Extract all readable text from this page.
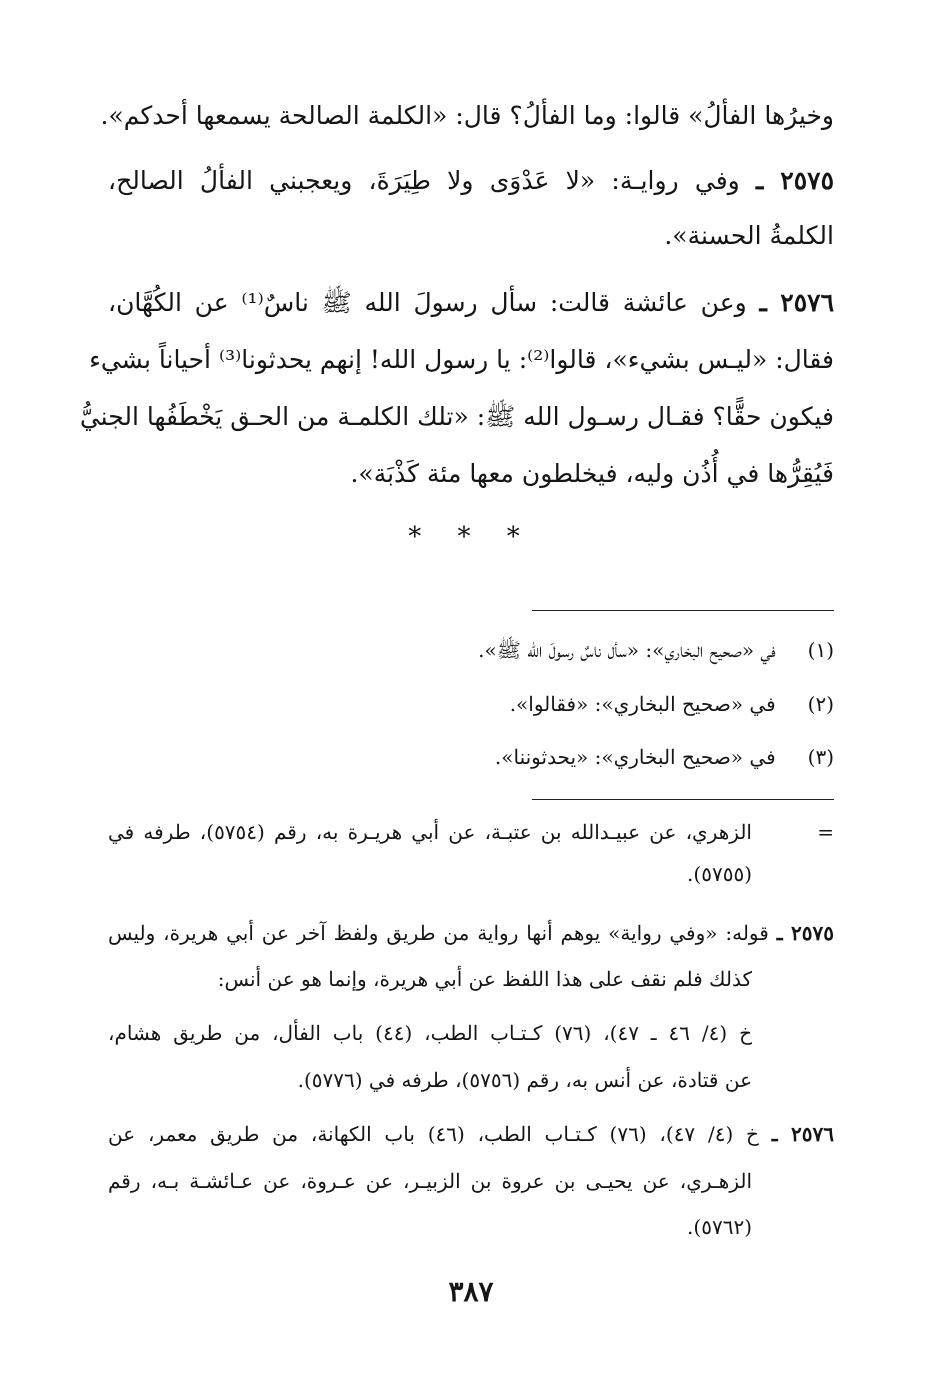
وخيرُها الفألُ» قالوا: وما الفألُ؟ قال: «الكلمة الصالحة يسمعها أحدكم».
٢٥٧٥ ـ وفي روايـة: «لا عَدْوَى ولا طِيَرَةَ، ويعجبني الفألُ الصالح،
الكلمةُ الحسنة».
٢٥٧٦ ـ وعن عائشة قالت: سأل رسولَ الله ﷺ ناسٌ⁽¹⁾ عن الكُهَّان،
فقال: «ليـس بشيء»، قالوا⁽²⁾: يا رسول الله! إنهم يحدثونا⁽³⁾ أحياناً بشيء
فيكون حقًّا؟ فقـال رسـول الله ﷺ: «تلك الكلمـة من الحـق يَخْطَفُها الجنيُّ
فَيُقِرُّها في أُذُن وليه، فيخلطون معها مئة كَذْبَة».
* * *
(١) في «صحيح البخاري»: «سأل ناسٌ رسولَ الله ﷺ».
(٢) في «صحيح البخاري»: «فقالوا».
(٣) في «صحيح البخاري»: «يحدثوننا».
=
الزهري، عن عبيـدالله بن عتبـة، عن أبي هريـرة به، رقم (٥٧٥٤)، طرفه في
(٥٧٥٥).
٢٥٧٥ ـ قوله: «وفي رواية» يوهم أنها رواية من طريق ولفظ آخر عن أبي هريرة، وليس
كذلك فلم نقف على هذا اللفظ عن أبي هريرة، وإنما هو عن أنس:
خ (٤/ ٤٦ ـ ٤٧)، (٧٦) كـتـاب الطب، (٤٤) باب الفأل، من طريق هشام،
عن قتادة، عن أنس به، رقم (٥٧٥٦)، طرفه في (٥٧٧٦).
٢٥٧٦ ـ خ (٤/ ٤٧)، (٧٦) كـتـاب الطب، (٤٦) باب الكهانة، من طريق معمر، عن
الزهـري، عن يحيـى بن عروة بن الزبيـر، عن عـروة، عن عـائشـة بـه، رقم
(٥٧٦٢).
٣٨٧
